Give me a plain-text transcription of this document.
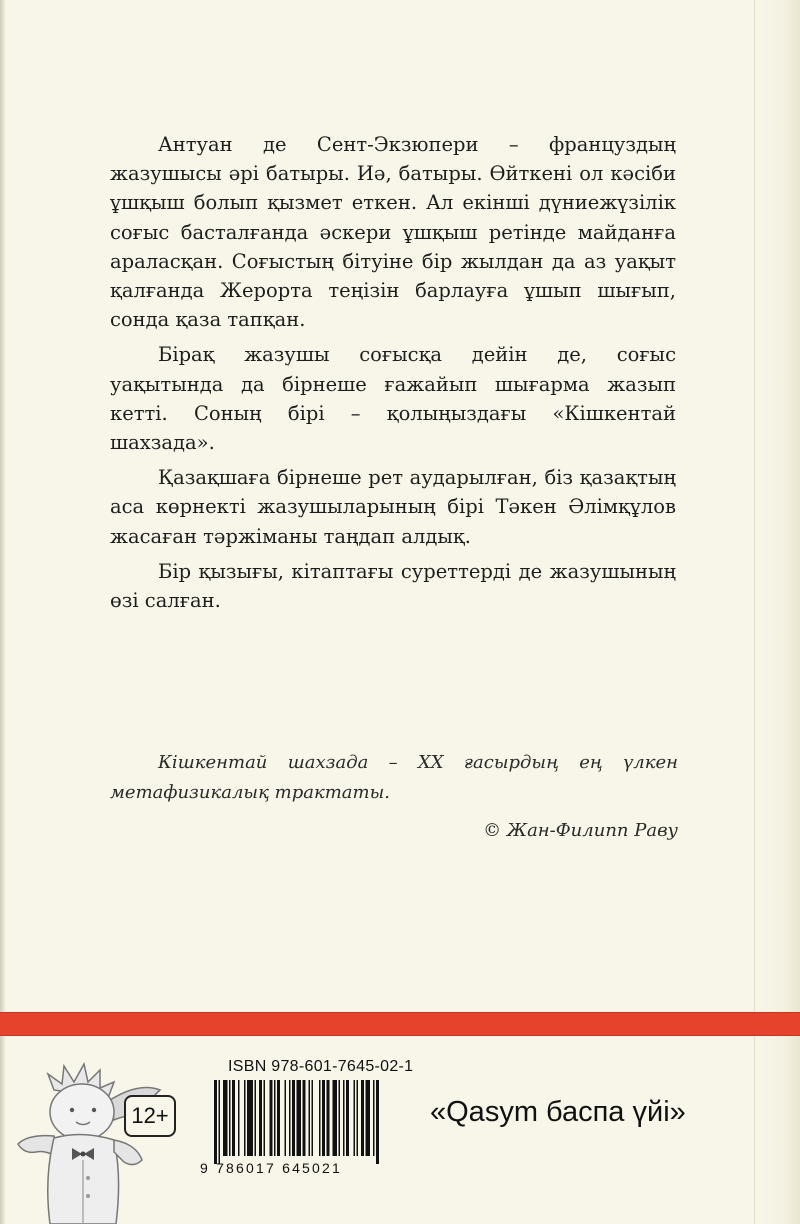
Антуан де Сент-Экзюпери – француздың жазушысы әрі батыры. Иә, батыры. Өйткені ол кәсіби ұшқыш болып қызмет еткен. Ал екінші дүниежүзілік соғыс басталғанда әскери ұшқыш ретінде майданға араласқан. Соғыстың бітуіне бір жылдан да аз уақыт қалғанда Жерорта теңізін барлауға ұшып шығып, сонда қаза тапқан.

Бірақ жазушы соғысқа дейін де, соғыс уақытында да бірнеше ғажайып шығарма жазып кетті. Соның бірі – қолыңыздағы «Кішкентай шахзада».

Қазақшаға бірнеше рет аударылған, біз қазақтың аса көрнекті жазушыларының бірі Тәкен Әлімқұлов жасаған тәржіманы таңдап алдық.

Бір қызығы, кітаптағы суреттерді де жазушының өзі салған.

Кішкентай шахзада – XX ғасырдың ең үлкен
метафизикалық трактаты.
© Жан-Филипп Раву
12+
ISBN 978-601-7645-02-1
9 786017 645021
«Qasym баспа үйі»
